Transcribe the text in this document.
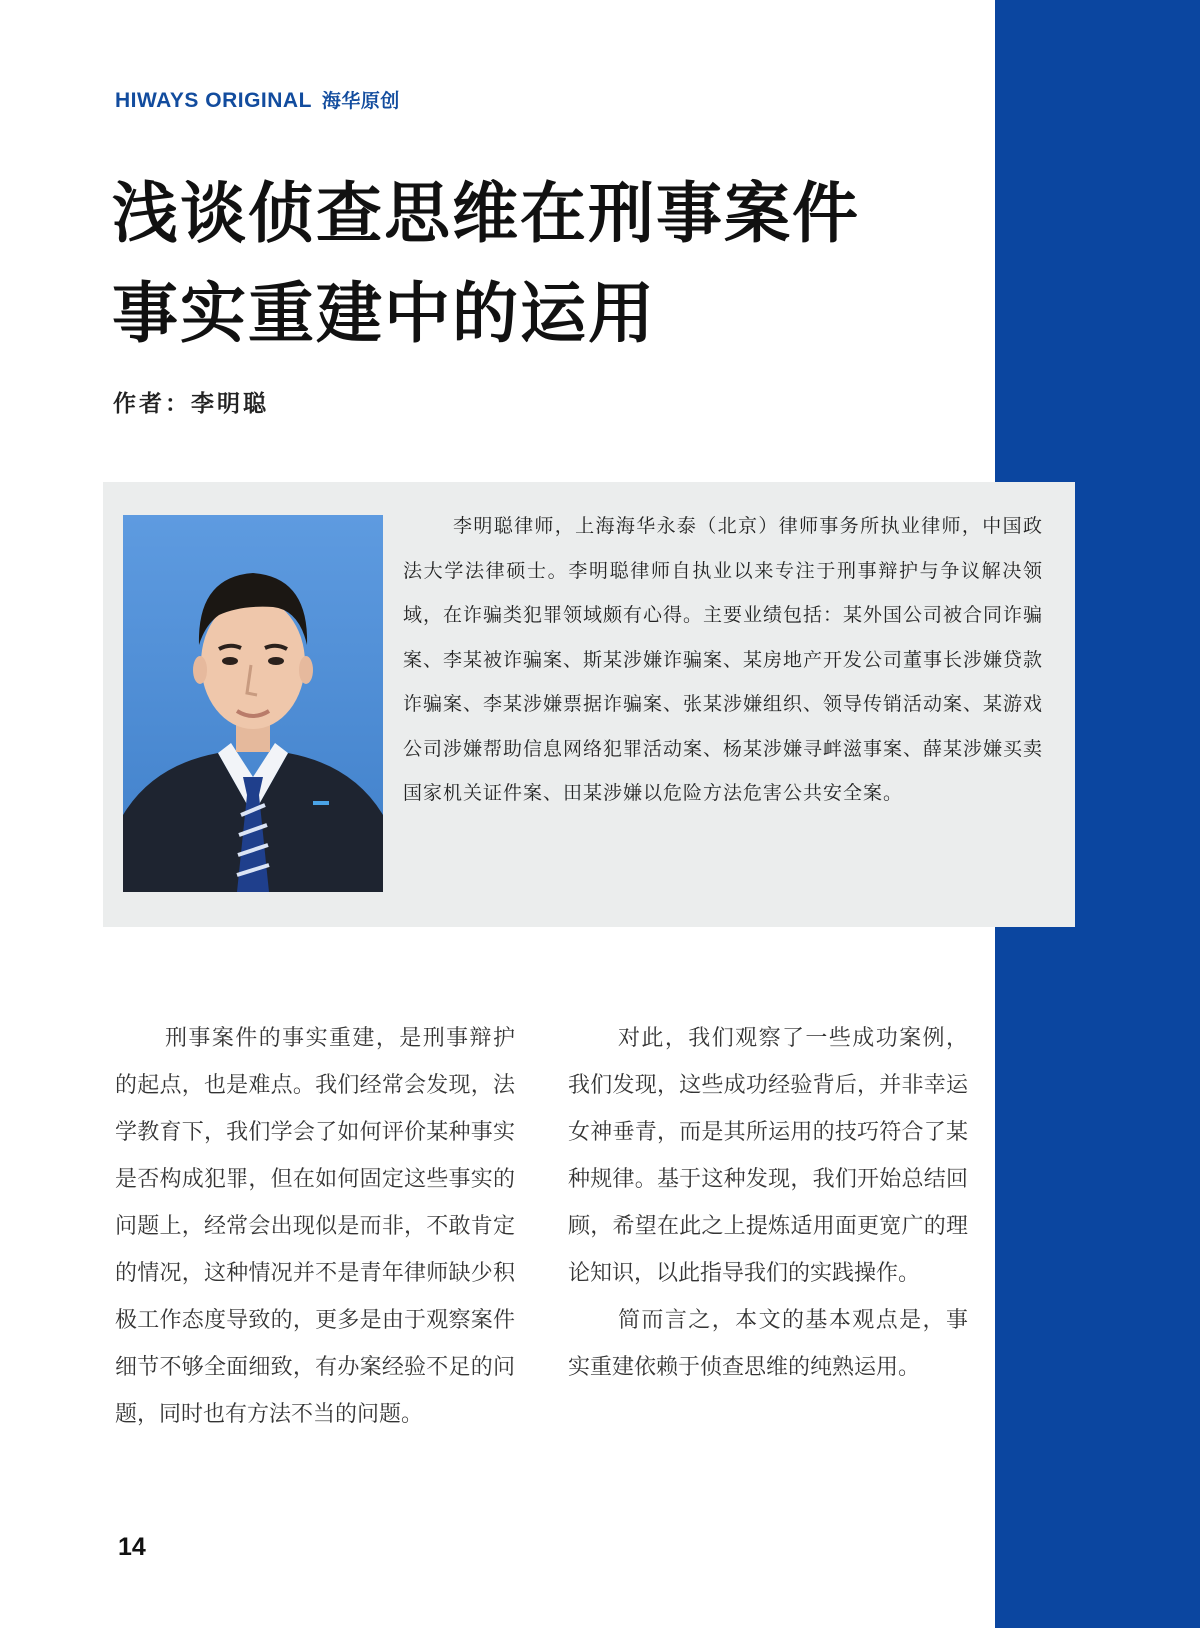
HIWAYS ORIGINAL 海华原创
浅谈侦查思维在刑事案件
事实重建中的运用
作者：李明聪

李明聪律师，上海海华永泰（北京）律师事务所执业律师，中国政法大学法律硕士。李明聪律师自执业以来专注于刑事辩护与争议解决领域，在诈骗类犯罪领域颇有心得。主要业绩包括：某外国公司被合同诈骗案、李某被诈骗案、斯某涉嫌诈骗案、某房地产开发公司董事长涉嫌贷款诈骗案、李某涉嫌票据诈骗案、张某涉嫌组织、领导传销活动案、某游戏公司涉嫌帮助信息网络犯罪活动案、杨某涉嫌寻衅滋事案、薛某涉嫌买卖国家机关证件案、田某涉嫌以危险方法危害公共安全案。

刑事案件的事实重建，是刑事辩护的起点，也是难点。我们经常会发现，法学教育下，我们学会了如何评价某种事实是否构成犯罪，但在如何固定这些事实的问题上，经常会出现似是而非，不敢肯定的情况，这种情况并不是青年律师缺少积极工作态度导致的，更多是由于观察案件细节不够全面细致，有办案经验不足的问题，同时也有方法不当的问题。

对此，我们观察了一些成功案例，我们发现，这些成功经验背后，并非幸运女神垂青，而是其所运用的技巧符合了某种规律。基于这种发现，我们开始总结回顾，希望在此之上提炼适用面更宽广的理论知识，以此指导我们的实践操作。

简而言之，本文的基本观点是，事实重建依赖于侦查思维的纯熟运用。

14
